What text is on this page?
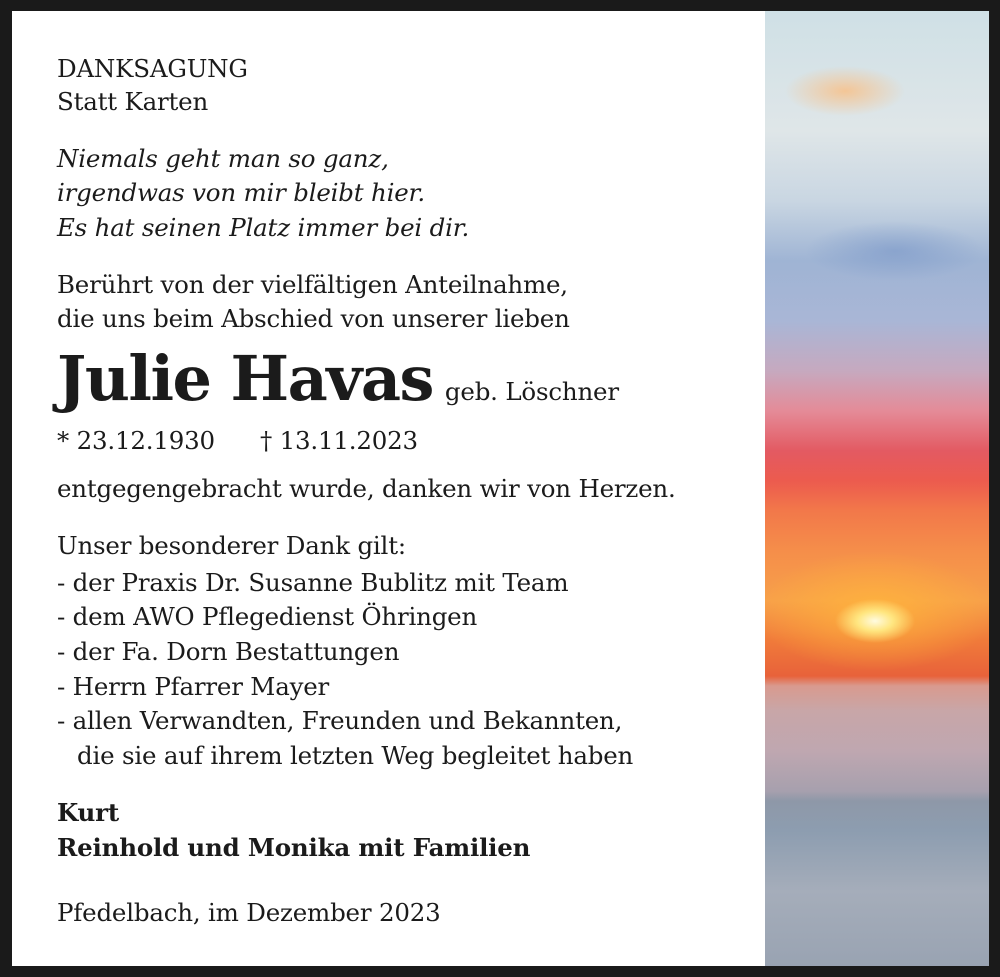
DANKSAGUNG
Statt Karten
Niemals geht man so ganz,
irgendwas von mir bleibt hier.
Es hat seinen Platz immer bei dir.
Berührt von der vielfältigen Anteilnahme,
die uns beim Abschied von unserer lieben
Julie Havas geb. Löschner
* 23.12.1930 † 13.11.2023
entgegengebracht wurde, danken wir von Herzen.
Unser besonderer Dank gilt:
- der Praxis Dr. Susanne Bublitz mit Team
- dem AWO Pflegedienst Öhringen
- der Fa. Dorn Bestattungen
- Herrn Pfarrer Mayer
- allen Verwandten, Freunden und Bekannten,
die sie auf ihrem letzten Weg begleitet haben
Kurt
Reinhold und Monika mit Familien
Pfedelbach, im Dezember 2023
